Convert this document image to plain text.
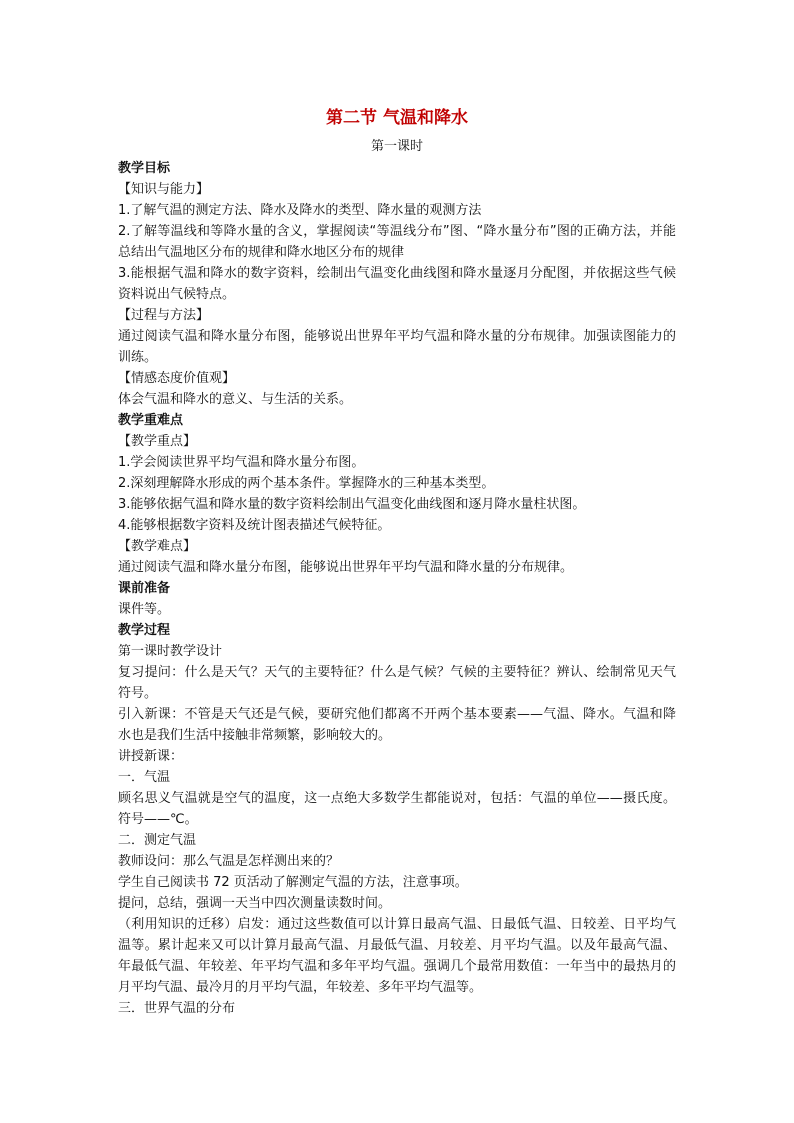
第二节 气温和降水
第一课时

教学目标

【知识与能力】

1.了解气温的测定方法、降水及降水的类型、降水量的观测方法

2.了解等温线和等降水量的含义，掌握阅读“等温线分布”图、“降水量分布”图的正确方法，并能总结出气温地区分布的规律和降水地区分布的规律

3.能根据气温和降水的数字资料，绘制出气温变化曲线图和降水量逐月分配图，并依据这些气候资料说出气候特点。

【过程与方法】

通过阅读气温和降水量分布图，能够说出世界年平均气温和降水量的分布规律。加强读图能力的训练。

【情感态度价值观】

体会气温和降水的意义、与生活的关系。

教学重难点

【教学重点】

1.学会阅读世界平均气温和降水量分布图。

2.深刻理解降水形成的两个基本条件。掌握降水的三种基本类型。

3.能够依据气温和降水量的数字资料绘制出气温变化曲线图和逐月降水量柱状图。

4.能够根据数字资料及统计图表描述气候特征。

【教学难点】

通过阅读气温和降水量分布图，能够说出世界年平均气温和降水量的分布规律。

课前准备

课件等。

教学过程

第一课时教学设计

复习提问：什么是天气？天气的主要特征？什么是气候？气候的主要特征？辨认、绘制常见天气符号。

引入新课：不管是天气还是气候，要研究他们都离不开两个基本要素——气温、降水。气温和降水也是我们生活中接触非常频繁，影响较大的。

讲授新课：

一．气温

顾名思义气温就是空气的温度，这一点绝大多数学生都能说对，包括：气温的单位——摄氏度。符号——℃。

二．测定气温

教师设问：那么气温是怎样测出来的？

学生自己阅读书 72 页活动了解测定气温的方法，注意事项。

提问，总结，强调一天当中四次测量读数时间。

（利用知识的迁移）启发：通过这些数值可以计算日最高气温、日最低气温、日较差、日平均气温等。累计起来又可以计算月最高气温、月最低气温、月较差、月平均气温。以及年最高气温、年最低气温、年较差、年平均气温和多年平均气温。强调几个最常用数值：一年当中的最热月的月平均气温、最冷月的月平均气温，年较差、多年平均气温等。

三．世界气温的分布
